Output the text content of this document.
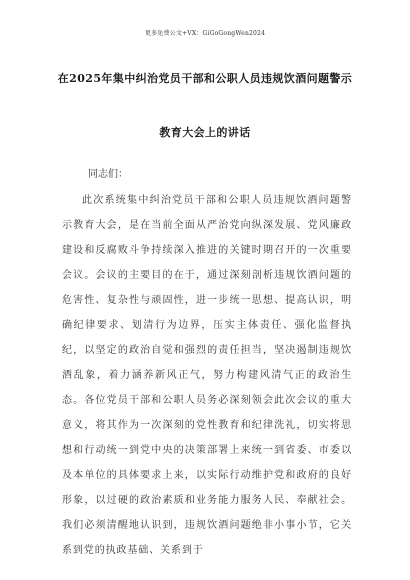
更多免费公文+VX：GiGoGongWen2024
在2025年集中纠治党员干部和公职人员违规饮酒问题警示
教育大会上的讲话
同志们：
此次系统集中纠治党员干部和公职人员违规饮酒问题警示教育大会，是在当前全面从严治党向纵深发展、党风廉政建设和反腐败斗争持续深入推进的关键时期召开的一次重要会议。会议的主要目的在于，通过深刻剖析违规饮酒问题的危害性、复杂性与顽固性，进一步统一思想、提高认识，明确纪律要求、划清行为边界，压实主体责任、强化监督执纪，以坚定的政治自觉和强烈的责任担当，坚决遏制违规饮酒乱象，着力涵养新风正气，努力构建风清气正的政治生态。各位党员干部和公职人员务必深刻领会此次会议的重大意义，将其作为一次深刻的党性教育和纪律洗礼，切实将思想和行动统一到党中央的决策部署上来统一到省委、市委以及本单位的具体要求上来，以实际行动维护党和政府的良好形象，以过硬的政治素质和业务能力服务人民、奉献社会。我们必须清醒地认识到，违规饮酒问题绝非小事小节，它关系到党的执政基础、关系到于
